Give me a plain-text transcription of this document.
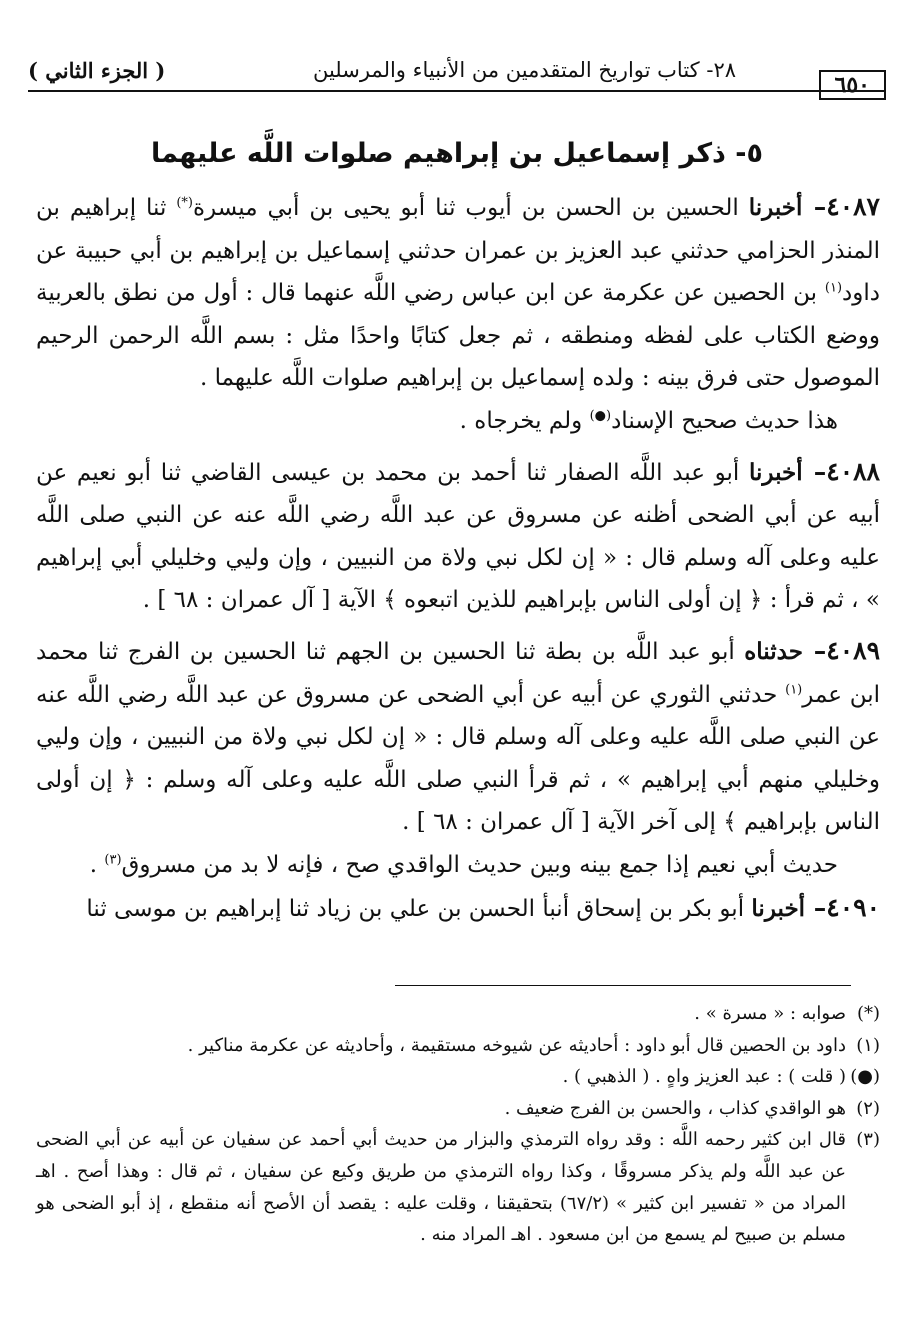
٦٥٠
٢٨- كتاب تواريخ المتقدمين من الأنبياء والمرسلين
( الجزء الثاني )
٥- ذكر إسماعيل بن إبراهيم صلوات اللَّه عليهما

٤٠٨٧– أخبرنا الحسين بن الحسن بن أيوب ثنا أبو يحيى بن أبي ميسرة(*) ثنا إبراهيم بن المنذر الحزامي حدثني عبد العزيز بن عمران حدثني إسماعيل بن إبراهيم بن أبي حبيبة عن داود$^{(١)}$ بن الحصين عن عكرمة عن ابن عباس رضي اللَّه عنهما قال : أول من نطق بالعربية ووضع الكتاب على لفظه ومنطقه ، ثم جعل كتابًا واحدًا مثل : بسم اللَّه الرحمن الرحيم الموصول حتى فرق بينه : ولده إسماعيل بن إبراهيم صلوات اللَّه عليهما .

هذا حديث صحيح الإسناد(●) ولم يخرجاه .

٤٠٨٨– أخبرنا أبو عبد اللَّه الصفار ثنا أحمد بن محمد بن عيسى القاضي ثنا أبو نعيم عن أبيه عن أبي الضحى أظنه عن مسروق عن عبد اللَّه رضي اللَّه عنه عن النبي صلى اللَّه عليه وعلى آله وسلم قال : « إن لكل نبي ولاة من النبيين ، وإن وليي وخليلي أبي إبراهيم » ، ثم قرأ : ﴿ إن أولى الناس بإبراهيم للذين اتبعوه ﴾ الآية [ آل عمران : ٦٨ ] .

٤٠٨٩– حدثناه أبو عبد اللَّه بن بطة ثنا الحسين بن الجهم ثنا الحسين بن الفرج ثنا محمد ابن عمر$^{(١)}$ حدثني الثوري عن أبيه عن أبي الضحى عن مسروق عن عبد اللَّه رضي اللَّه عنه عن النبي صلى اللَّه عليه وعلى آله وسلم قال : « إن لكل نبي ولاة من النبيين ، وإن وليي وخليلي منهم أبي إبراهيم » ، ثم قرأ النبي صلى اللَّه عليه وعلى آله وسلم : ﴿ إن أولى الناس بإبراهيم ﴾ إلى آخر الآية [ آل عمران : ٦٨ ] .

حديث أبي نعيم إذا جمع بينه وبين حديث الواقدي صح ، فإنه لا بد من مسروق$^{(٣)}$ .

٤٠٩٠– أخبرنا أبو بكر بن إسحاق أنبأ الحسن بن علي بن زياد ثنا إبراهيم بن موسى ثنا

(*)
صوابه : « مسرة » .

(١)
داود بن الحصين قال أبو داود : أحاديثه عن شيوخه مستقيمة ، وأحاديثه عن عكرمة مناكير .

(●)
( قلت ) : عبد العزيز واهٍ . ( الذهبي ) .

(٢)
هو الواقدي كذاب ، والحسن بن الفرج ضعيف .

(٣)
قال ابن كثير رحمه اللَّه : وقد رواه الترمذي والبزار من حديث أبي أحمد عن سفيان عن أبيه عن أبي الضحى عن عبد اللَّه ولم يذكر مسروقًا ، وكذا رواه الترمذي من طريق وكيع عن سفيان ، ثم قال : وهذا أصح . اهـ المراد من « تفسير ابن كثير » (٦٧/٢) بتحقيقنا ، وقلت عليه : يقصد أن الأصح أنه منقطع ، إذ أبو الضحى هو مسلم بن صبيح لم يسمع من ابن مسعود . اهـ المراد منه .
